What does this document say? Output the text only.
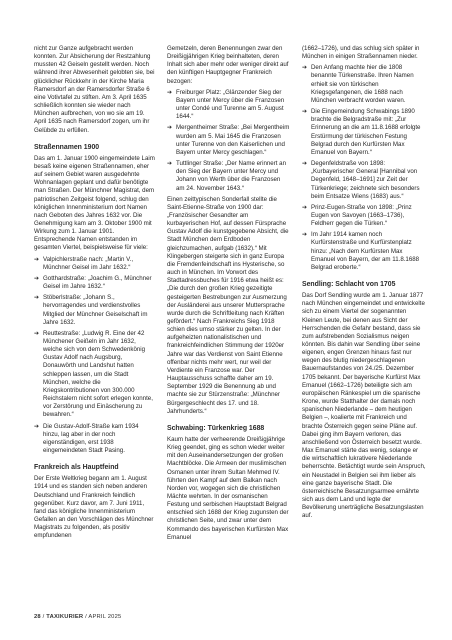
nicht zur Ganze aufgebracht werden konnten. Zur Absicherung der Restzahlung mussten 42 Geiseln gestellt werden. Noch während ihrer Abwesenheit gelobten sie, bei glücklicher Rückkehr in der Kirche Maria Ramersdorf an der Ramersdorfer Straße 6 eine Votivtafel zu stiften. Am 3. April 1635 schließlich konnten sie wieder nach München aufbrechen, von wo sie am 19. April 1635 nach Ramersdorf zogen, um ihr Gelübde zu erfüllen.

Straßennamen 1900

Das am 1. Januar 1900 eingemeindete Laim besaß keine eigenen Straßennamen, eher auf seinem Gebiet waren ausgedehnte Wohnanlagen geplant und dafür benötigte man Straßen. Der Münchner Magistrat, dem patriotischen Zeitgeist folgend, schlug den königlichen Innenministerium dort Namen nach Geboten des Jahres 1632 vor. Die Genehmigung kam am 3. Oktober 1900 mit Wirkung zum 1. Januar 1901. Entsprechende Namen entstanden im gesamten Viertel, beispielsweise für viele:

➔ Valpichlerstraße nach: „Martin V., Münchner Geisel im Jahr 1632.“
➔ Gotthardstraße: „Joachim G., Münchner Geisel im Jahre 1632.“
➔ Stöberlstraße: „Johann S., hervorragendes und verdienstvolles Mitglied der Münchner Geiselschaft im Jahre 1632.
➔ Reuttestraße: „Ludwig R. Eine der 42 Münchener Geißeln im Jahr 1632, welche sich von dem Schwedenkönig Gustav Adolf nach Augsburg, Donauwörth und Landshut hatten schleppen lassen, um die Stadt München, welche die Kriegskontributionen von 300.000 Reichstalern nicht sofort erlegen konnte, vor Zerstörung und Einäscherung zu bewahren.“
➔ Die Gustav-Adolf-Straße kam 1934 hinzu, lag aber in der noch eigenständigen, erst 1938 eingemeindeten Stadt Pasing.

Frankreich als Hauptfeind

Der Erste Weltkrieg begann am 1. August 1914 und es standen sich neben anderen Deutschland und Frankreich feindlich gegenüber. Kurz davor, am 7. Juni 1911, fand das königliche Innenministerium Gefallen an den Vorschlägen des Münchner Magistrats zu folgenden, als positiv empfundenen

Gemetzeln, deren Benennungen zwar den Dreißigjährigen Krieg beinhalteten, deren Inhalt sich aber mehr oder weniger direkt auf den künftigen Hauptgegner Frankreich bezogen:

➔ Freiburger Platz: „Glänzender Sieg der Bayern unter Mercy über die Franzosen unter Condé und Turenne am 5. August 1644.“
➔ Mergentheimer Straße: „Bei Mergentheim wurden am 5. Mai 1645 die Franzosen unter Turenne von den Kaiserlichen und Bayern unter Mercy geschlagen.“
➔ Tuttlinger Straße: „Der Name erinnert an den Sieg der Bayern unter Mercy und Johann von Werth über die Franzosen am 24. November 1643.“

Einen zeittypischen Sonderfall stellte die Saint-Etienne-Straße von 1900 dar: „Französischer Gesandter am kurbayerischen Hof, auf dessen Fürsprache Gustav Adolf die kunstgegebene Absicht, die Stadt München dem Erdboden gleichzumachen, aufgab (1632).“ Mit Klingebergen steigerte sich in ganz Europa die Fremdenfeindschaft ins Hysterische, so auch in München. Im Vorwort des Stadtadressbuches für 1916 etwa heißt es: „Die durch den großen Krieg gezeitigte gesteigerten Bestrebungen zur Ausmerzung der Ausländerei aus unserer Muttersprache wurde durch die Schriftleitung nach Kräften gefördert.“ Nach Frankreichs Sieg 1918 schien dies umso stärker zu gelten. In der aufgeheizten nationalistischen und frankreichfeindlichen Stimmung der 1920er Jahre war das Verdienst von Saint Etienne offenbar nichts mehr wert, nur weil der Verdiente ein Franzose war. Der Hauptausschuss schaffte daher am 19. September 1929 die Benennung ab und machte sie zur Stürzenstraße: „Münchner Bürgergeschlecht des 17. und 18. Jahrhunderts.“

Schwabing: Türkenkrieg 1688

Kaum hatte der verheerende Dreißigjährige Krieg geendet, ging es schon wieder weiter mit den Auseinandersetzungen der großen Machtblöcke. Die Armeen der muslimischen Osmanen unter ihrem Sultan Mehmed IV. führten den Kampf auf dem Balkan nach Norden vor, wogegen sich die christlichen Mächte wehrten. In der osmanischen Festung und serbischen Hauptstadt Belgrad entschied sich 1688 der Krieg zugunsten der christlichen Seite, und zwar unter dem Kommando des bayerischen Kurfürsten Max Emanuel

(1662–1726), und das schlug sich später in München in einigen Straßennamen nieder.

➔ Den Anfang machte hier die 1808 benannte Türkenstraße. Ihren Namen erhielt sie von türkischen Kriegsgefangenen, die 1688 nach München verbracht worden waren.
➔ Die Eingemeindung Schwabings 1890 brachte die Belgradstraße mit: „Zur Erinnerung an die am 11.8.1688 erfolgte Erstürmung der türkischen Festung Belgrad durch den Kurfürsten Max Emanuel von Bayern.“
➔ Degenfeldstraße von 1898: „Kurbayerischer General [Hannibal von Degenfeld, 1648–1691] zur Zeit der Türkenkriege; zeichnete sich besonders beim Entsatze Wiens (1683) aus.“
➔ Prinz-Eugen-Straße von 1898: „Prinz Eugen von Savoyen (1663–1736), Feldherr gegen die Türken.“
➔ Im Jahr 1914 kamen noch Kurfürstenstraße und Kurfürstenplatz hinzu: „Nach dem Kurfürsten Max Emanuel von Bayern, der am 11.8.1688 Belgrad eroberte.“

Sendling: Schlacht von 1705

Das Dorf Sendling wurde am 1. Januar 1877 nach München eingemeindet und entwickelte sich zu einem Viertel der sogenannten Kleinen Leute, bei denen aus Sicht der Herrschenden die Gefahr bestand, dass sie zum aufstrebenden Sozialismus neigen könnten. Bis dahin war Sendling über seine eigenen, engen Grenzen hinaus fast nur wegen des blutig niedergeschlagenen Bauernaufstandes von 24./25. Dezember 1705 bekannt. Der bayerische Kurfürst Max Emanuel (1662–1726) beteiligte sich am europäischen Ränkespiel um die spanische Krone, wurde Statthalter der damals noch spanischen Niederlande – dem heutigen Belgien –, koalierte mit Frankreich und brachte Österreich gegen seine Pläne auf. Dabei ging ihm Bayern verloren, das anschließend von Österreich besetzt wurde. Max Emanuel stärte das wenig, solange er die wirtschaftlich lukrativere Niederlande beherrschte. Betächtigt wurde sein Anspruch, ein Neustadel in Belgien sei ihm lieber als eine ganze bayerische Stadt. Die österreichische Besatzungsarmee ernährte sich aus dem Land und legte der Bevölkerung unerträgliche Besatzungslasten auf.

28 / TAXIKURIER / APRIL 2025
